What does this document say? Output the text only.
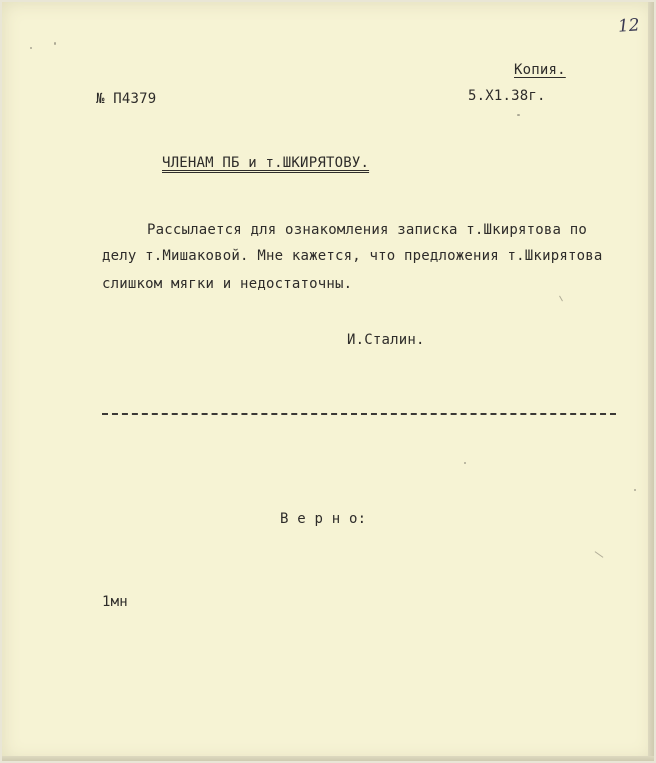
12
Копия.
№ П4379	5.Х1.38г.
ЧЛЕНАМ ПБ и т.ШКИРЯТОВУ.
Рассылается для ознакомления записка т.Шкирятова по
делу т.Мишаковой. Мне кажется, что предложения т.Шкирятова
слишком мягки и недостаточны.
И.Сталин.
В е р н о:
1мн
